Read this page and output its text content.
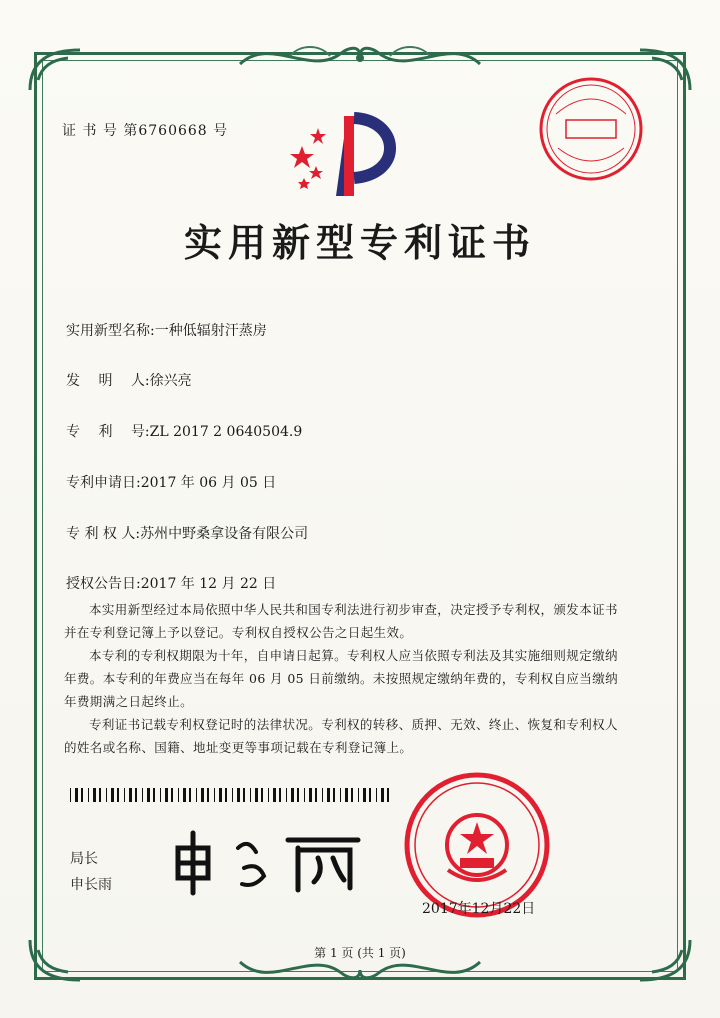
证 书 号 第6760668 号
实用新型专利证书
实用新型名称:一种低辐射汗蒸房
发　 明　 人:徐兴亮
专　 利　 号:ZL 2017 2 0640504.9
专利申请日:2017 年 06 月 05 日
专 利 权 人:苏州中野桑拿设备有限公司
授权公告日:2017 年 12 月 22 日

本实用新型经过本局依照中华人民共和国专利法进行初步审查，决定授予专利权，颁发本证书并在专利登记簿上予以登记。专利权自授权公告之日起生效。

本专利的专利权期限为十年，自申请日起算。专利权人应当依照专利法及其实施细则规定缴纳年费。本专利的年费应当在每年 06 月 05 日前缴纳。未按照规定缴纳年费的，专利权自应当缴纳年费期满之日起终止。

专利证书记载专利权登记时的法律状况。专利权的转移、质押、无效、终止、恢复和专利权人的姓名或名称、国籍、地址变更等事项记载在专利登记簿上。

局长
申长雨
2017年12月22日
第 1 页 (共 1 页)
